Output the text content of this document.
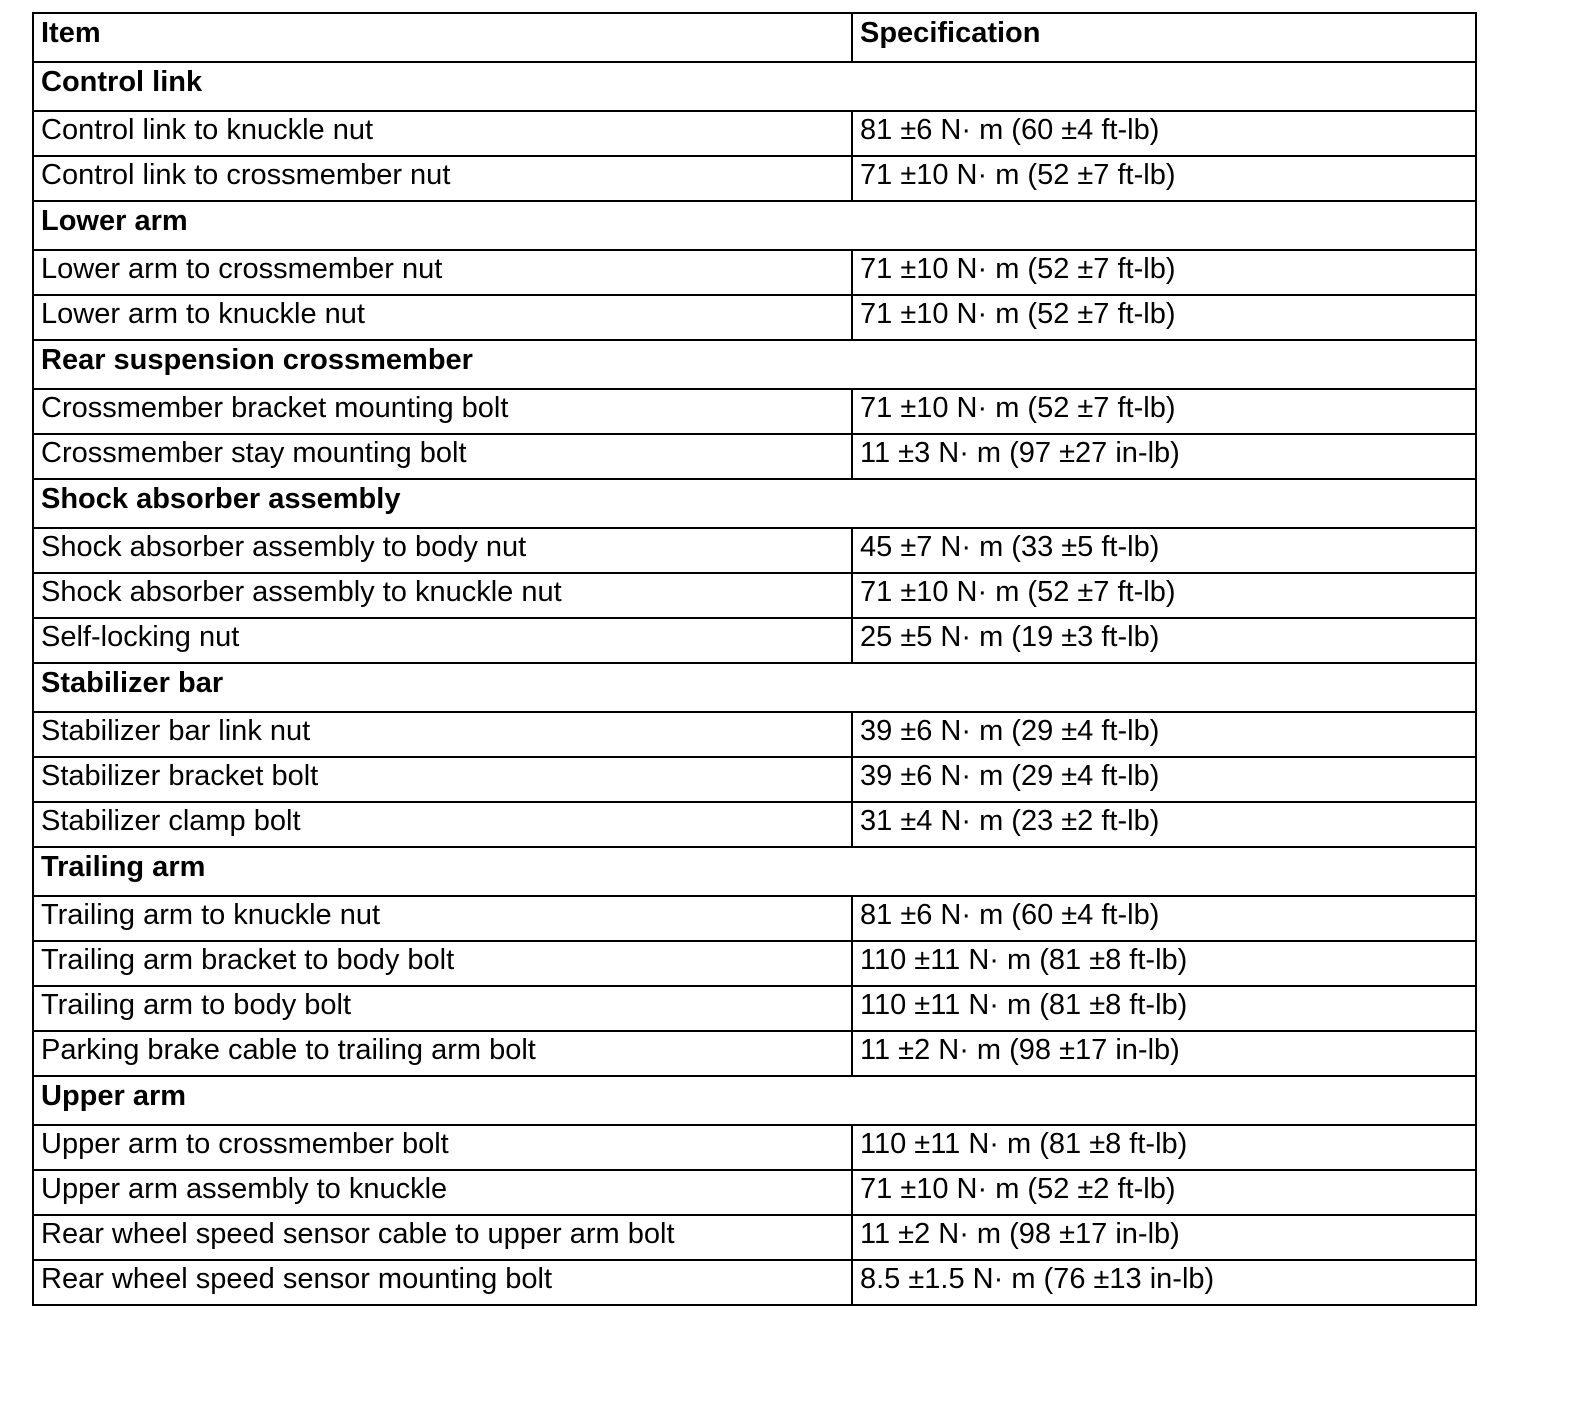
Item	Specification
Control link	
Control link to knuckle nut	81 ±6 N· m (60 ±4 ft-lb)
Control link to crossmember nut	71 ±10 N· m (52 ±7 ft-lb)
Lower arm	
Lower arm to crossmember nut	71 ±10 N· m (52 ±7 ft-lb)
Lower arm to knuckle nut	71 ±10 N· m (52 ±7 ft-lb)
Rear suspension crossmember	
Crossmember bracket mounting bolt	71 ±10 N· m (52 ±7 ft-lb)
Crossmember stay mounting bolt	11 ±3 N· m (97 ±27 in-lb)
Shock absorber assembly	
Shock absorber assembly to body nut	45 ±7 N· m (33 ±5 ft-lb)
Shock absorber assembly to knuckle nut	71 ±10 N· m (52 ±7 ft-lb)
Self-locking nut	25 ±5 N· m (19 ±3 ft-lb)
Stabilizer bar	
Stabilizer bar link nut	39 ±6 N· m (29 ±4 ft-lb)
Stabilizer bracket bolt	39 ±6 N· m (29 ±4 ft-lb)
Stabilizer clamp bolt	31 ±4 N· m (23 ±2 ft-lb)
Trailing arm	
Trailing arm to knuckle nut	81 ±6 N· m (60 ±4 ft-lb)
Trailing arm bracket to body bolt	110 ±11 N· m (81 ±8 ft-lb)
Trailing arm to body bolt	110 ±11 N· m (81 ±8 ft-lb)
Parking brake cable to trailing arm bolt	11 ±2 N· m (98 ±17 in-lb)
Upper arm	
Upper arm to crossmember bolt	110 ±11 N· m (81 ±8 ft-lb)
Upper arm assembly to knuckle	71 ±10 N· m (52 ±2 ft-lb)
Rear wheel speed sensor cable to upper arm bolt	11 ±2 N· m (98 ±17 in-lb)
Rear wheel speed sensor mounting bolt	8.5 ±1.5 N· m (76 ±13 in-lb)
